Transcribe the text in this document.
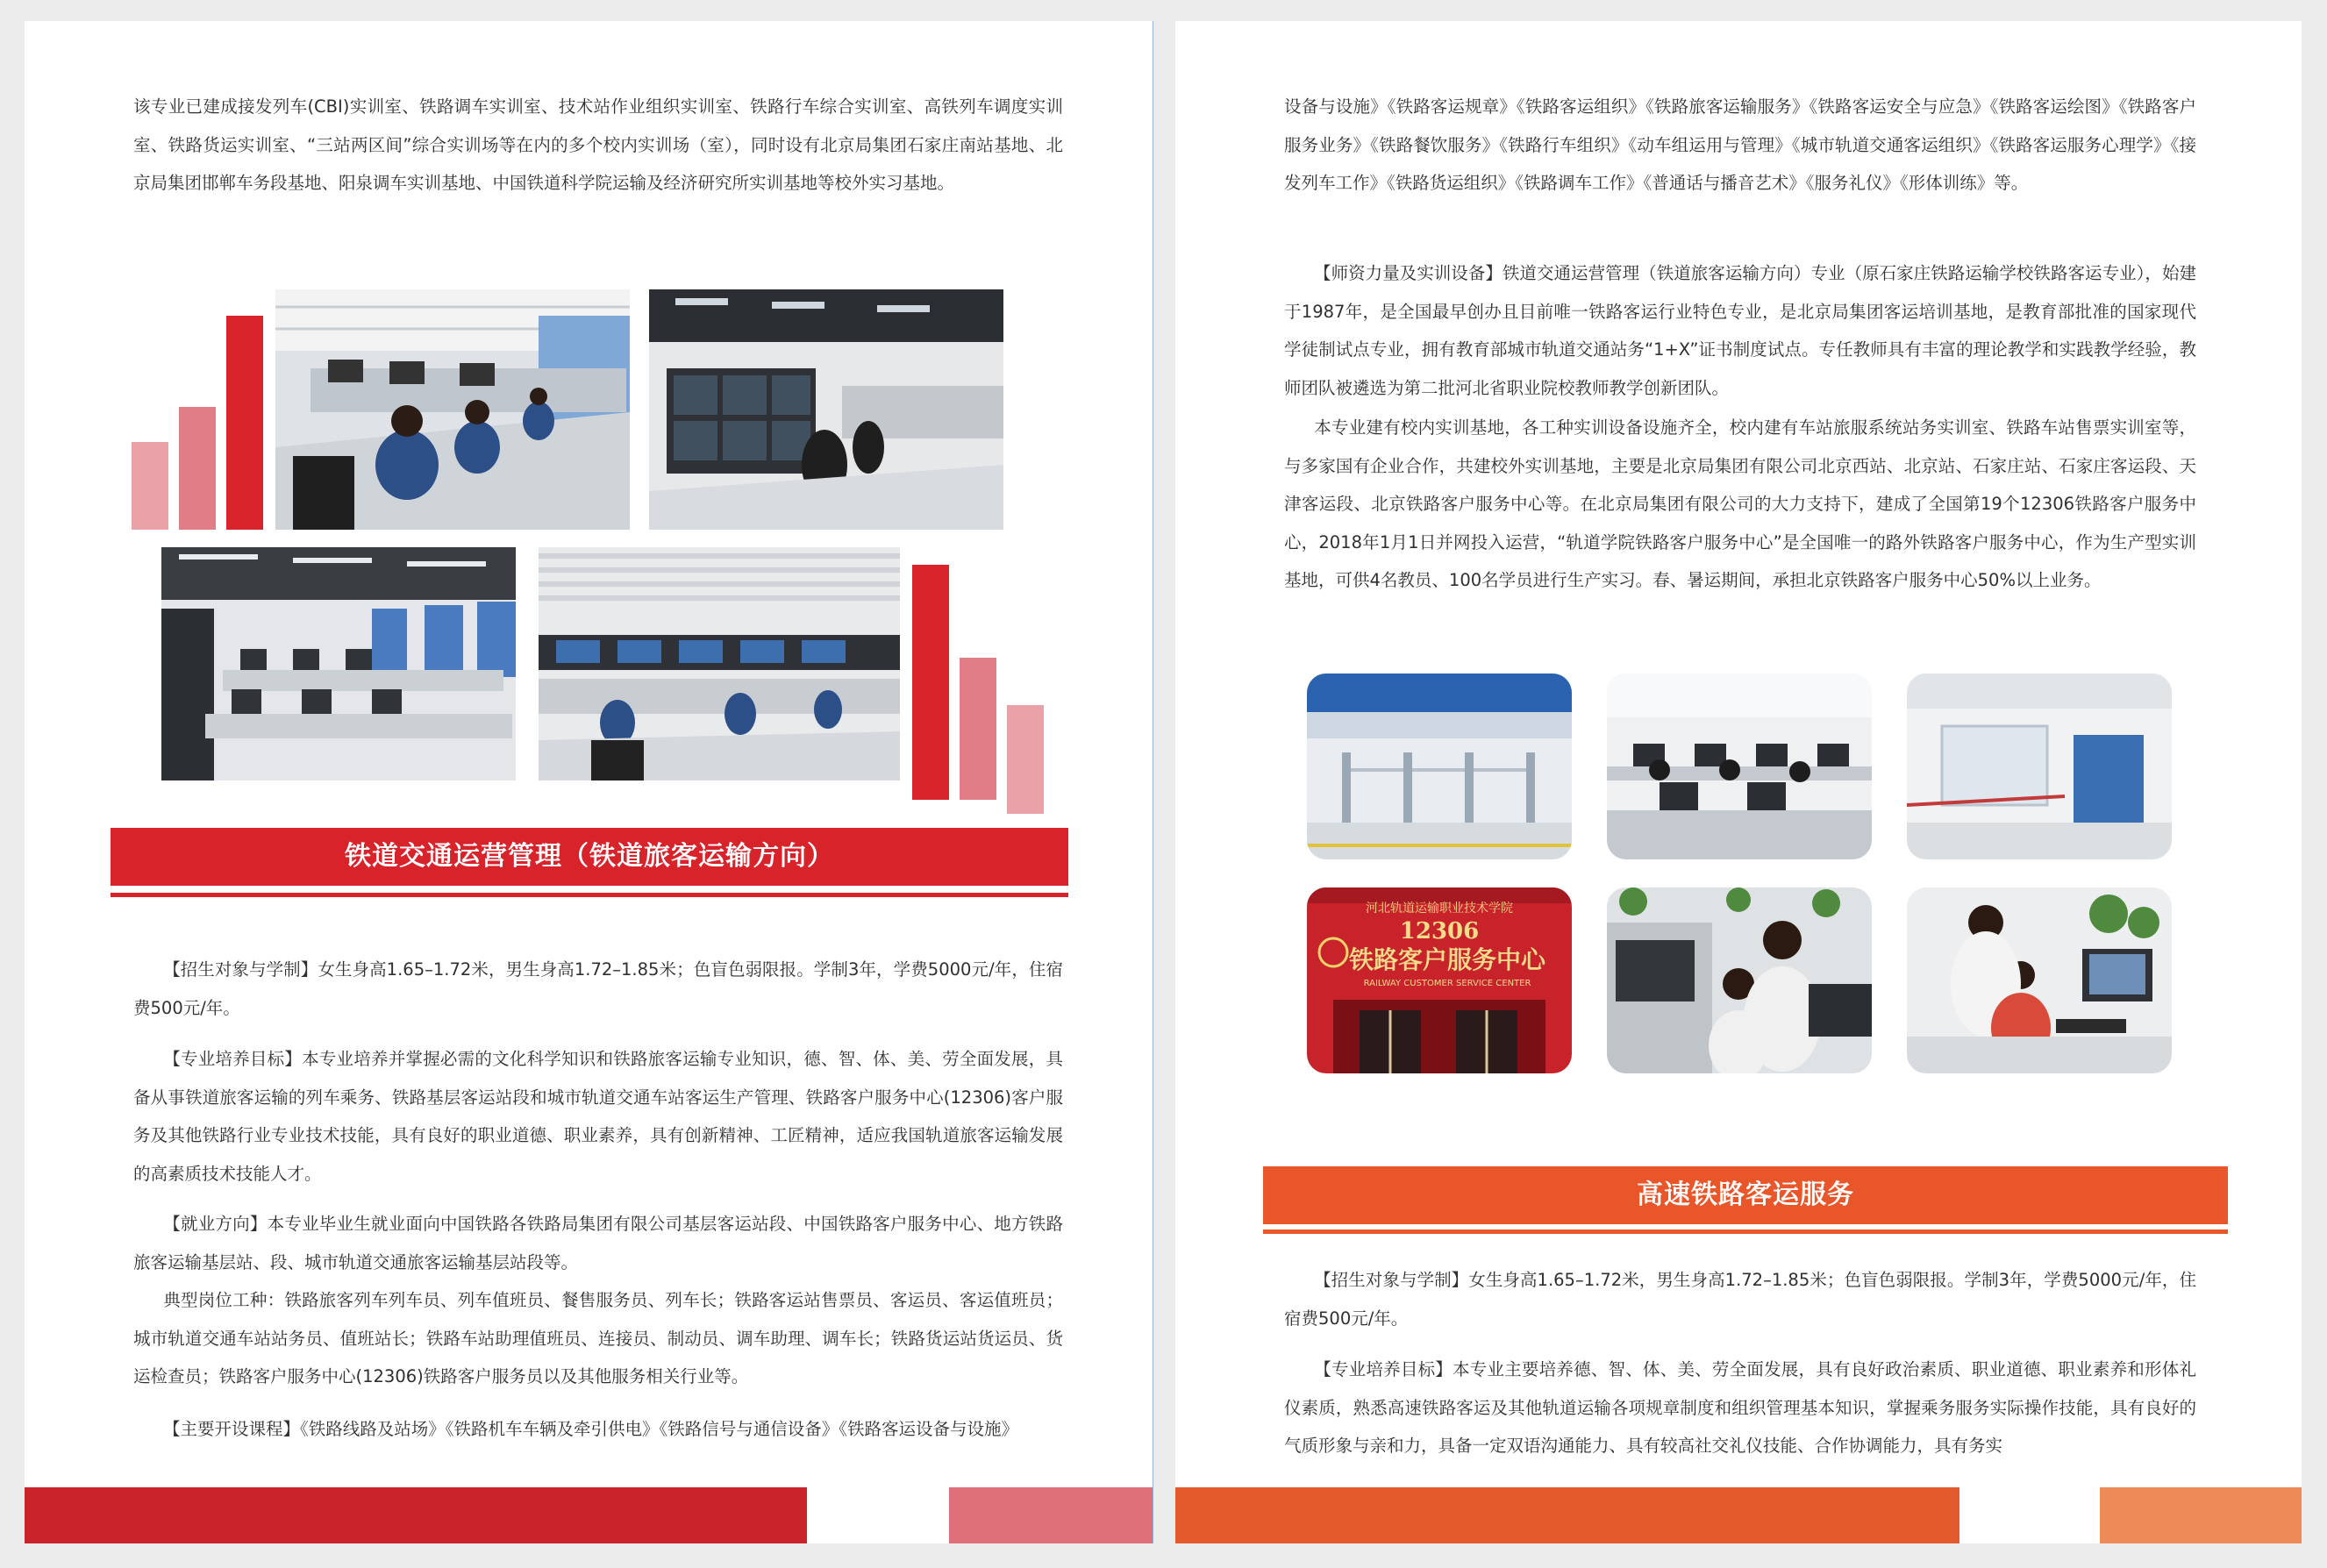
该专业已建成接发列车(CBI)实训室、铁路调车实训室、技术站作业组织实训室、铁路行车综合实训室、高铁列车调度实训室、铁路货运实训室、“三站两区间”综合实训场等在内的多个校内实训场（室），同时设有北京局集团石家庄南站基地、北京局集团邯郸车务段基地、阳泉调车实训基地、中国铁道科学院运输及经济研究所实训基地等校外实习基地。

铁道交通运营管理（铁道旅客运输方向）

【招生对象与学制】女生身高1.65–1.72米，男生身高1.72–1.85米；色盲色弱限报。学制3年，学费5000元/年，住宿费500元/年。

【专业培养目标】本专业培养并掌握必需的文化科学知识和铁路旅客运输专业知识，德、智、体、美、劳全面发展，具备从事铁道旅客运输的列车乘务、铁路基层客运站段和城市轨道交通车站客运生产管理、铁路客户服务中心(12306)客户服务及其他铁路行业专业技术技能，具有良好的职业道德、职业素养，具有创新精神、工匠精神，适应我国轨道旅客运输发展的高素质技术技能人才。

【就业方向】本专业毕业生就业面向中国铁路各铁路局集团有限公司基层客运站段、中国铁路客户服务中心、地方铁路旅客运输基层站、段、城市轨道交通旅客运输基层站段等。

典型岗位工种：铁路旅客列车列车员、列车值班员、餐售服务员、列车长；铁路客运站售票员、客运员、客运值班员；城市轨道交通车站站务员、值班站长；铁路车站助理值班员、连接员、制动员、调车助理、调车长；铁路货运站货运员、货运检查员；铁路客户服务中心(12306)铁路客户服务员以及其他服务相关行业等。

【主要开设课程】《铁路线路及站场》《铁路机车车辆及牵引供电》《铁路信号与通信设备》《铁路客运设备与设施》

设备与设施》《铁路客运规章》《铁路客运组织》《铁路旅客运输服务》《铁路客运安全与应急》《铁路客运绘图》《铁路客户服务业务》《铁路餐饮服务》《铁路行车组织》《动车组运用与管理》《城市轨道交通客运组织》《铁路客运服务心理学》《接发列车工作》《铁路货运组织》《铁路调车工作》《普通话与播音艺术》《服务礼仪》《形体训练》等。

【师资力量及实训设备】铁道交通运营管理（铁道旅客运输方向）专业（原石家庄铁路运输学校铁路客运专业），始建于1987年，是全国最早创办且目前唯一铁路客运行业特色专业，是北京局集团客运培训基地，是教育部批准的国家现代学徒制试点专业，拥有教育部城市轨道交通站务“1+X”证书制度试点。专任教师具有丰富的理论教学和实践教学经验，教师团队被遴选为第二批河北省职业院校教师教学创新团队。

本专业建有校内实训基地，各工种实训设备设施齐全，校内建有车站旅服系统站务实训室、铁路车站售票实训室等，与多家国有企业合作，共建校外实训基地，主要是北京局集团有限公司北京西站、北京站、石家庄站、石家庄客运段、天津客运段、北京铁路客户服务中心等。在北京局集团有限公司的大力支持下，建成了全国第19个12306铁路客户服务中心，2018年1月1日并网投入运营，“轨道学院铁路客户服务中心”是全国唯一的路外铁路客户服务中心，作为生产型实训基地，可供4名教员、100名学员进行生产实习。春、暑运期间，承担北京铁路客户服务中心50%以上业务。

河北轨道运输职业技术学院
12306
铁路客户服务中心
RAILWAY CUSTOMER SERVICE CENTER
高速铁路客运服务

【招生对象与学制】女生身高1.65–1.72米，男生身高1.72–1.85米；色盲色弱限报。学制3年，学费5000元/年，住宿费500元/年。

【专业培养目标】本专业主要培养德、智、体、美、劳全面发展，具有良好政治素质、职业道德、职业素养和形体礼仪素质，熟悉高速铁路客运及其他轨道运输各项规章制度和组织管理基本知识，掌握乘务服务实际操作技能，具有良好的气质形象与亲和力，具备一定双语沟通能力、具有较高社交礼仪技能、合作协调能力，具有务实
